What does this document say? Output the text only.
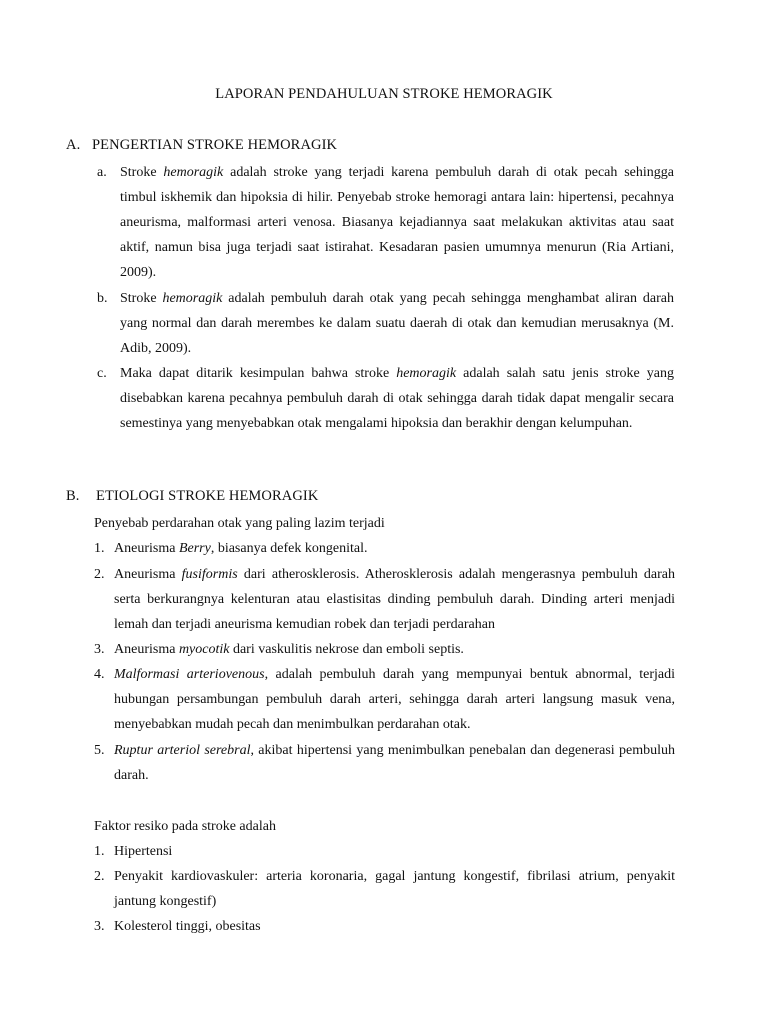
LAPORAN PENDAHULUAN STROKE HEMORAGIK
A. PENGERTIAN STROKE HEMORAGIK
a. Stroke hemoragik adalah stroke yang terjadi karena pembuluh darah di otak pecah sehingga timbul iskhemik dan hipoksia di hilir. Penyebab stroke hemoragi antara lain: hipertensi, pecahnya aneurisma, malformasi arteri venosa. Biasanya kejadiannya saat melakukan aktivitas atau saat aktif, namun bisa juga terjadi saat istirahat. Kesadaran pasien umumnya menurun (Ria Artiani, 2009).
b. Stroke hemoragik adalah pembuluh darah otak yang pecah sehingga menghambat aliran darah yang normal dan darah merembes ke dalam suatu daerah di otak dan kemudian merusaknya (M. Adib, 2009).
c. Maka dapat ditarik kesimpulan bahwa stroke hemoragik adalah salah satu jenis stroke yang disebabkan karena pecahnya pembuluh darah di otak sehingga darah tidak dapat mengalir secara semestinya yang menyebabkan otak mengalami hipoksia dan berakhir dengan kelumpuhan.
B. ETIOLOGI STROKE HEMORAGIK
Penyebab perdarahan otak yang paling lazim terjadi
1. Aneurisma Berry, biasanya defek kongenital.
2. Aneurisma fusiformis dari atherosklerosis. Atherosklerosis adalah mengerasnya pembuluh darah serta berkurangnya kelenturan atau elastisitas dinding pembuluh darah. Dinding arteri menjadi lemah dan terjadi aneurisma kemudian robek dan terjadi perdarahan
3. Aneurisma myocotik dari vaskulitis nekrose dan emboli septis.
4. Malformasi arteriovenous, adalah pembuluh darah yang mempunyai bentuk abnormal, terjadi hubungan persambungan pembuluh darah arteri, sehingga darah arteri langsung masuk vena, menyebabkan mudah pecah dan menimbulkan perdarahan otak.
5. Ruptur arteriol serebral, akibat hipertensi yang menimbulkan penebalan dan degenerasi pembuluh darah.
Faktor resiko pada stroke adalah
1. Hipertensi
2. Penyakit kardiovaskuler: arteria koronaria, gagal jantung kongestif, fibrilasi atrium, penyakit jantung kongestif)
3. Kolesterol tinggi, obesitas
